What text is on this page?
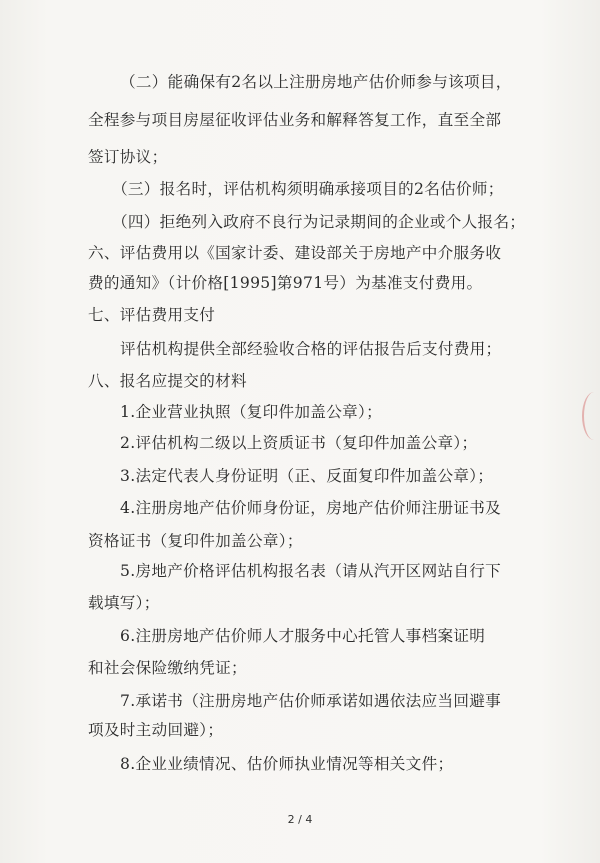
（二）能确保有2名以上注册房地产估价师参与该项目，
全程参与项目房屋征收评估业务和解释答复工作，直至全部
签订协议；
（三）报名时，评估机构须明确承接项目的2名估价师；
（四）拒绝列入政府不良行为记录期间的企业或个人报名；
六、评估费用以《国家计委、建设部关于房地产中介服务收
费的通知》（计价格[1995]第971号）为基准支付费用。
七、评估费用支付
评估机构提供全部经验收合格的评估报告后支付费用；
八、报名应提交的材料
1.企业营业执照（复印件加盖公章）；
2.评估机构二级以上资质证书（复印件加盖公章）；
3.法定代表人身份证明（正、反面复印件加盖公章）；
4.注册房地产估价师身份证，房地产估价师注册证书及
资格证书（复印件加盖公章）；
5.房地产价格评估机构报名表（请从汽开区网站自行下
载填写）；
6.注册房地产估价师人才服务中心托管人事档案证明
和社会保险缴纳凭证；
7.承诺书（注册房地产估价师承诺如遇依法应当回避事
项及时主动回避）；
8.企业业绩情况、估价师执业情况等相关文件；
2 / 4
